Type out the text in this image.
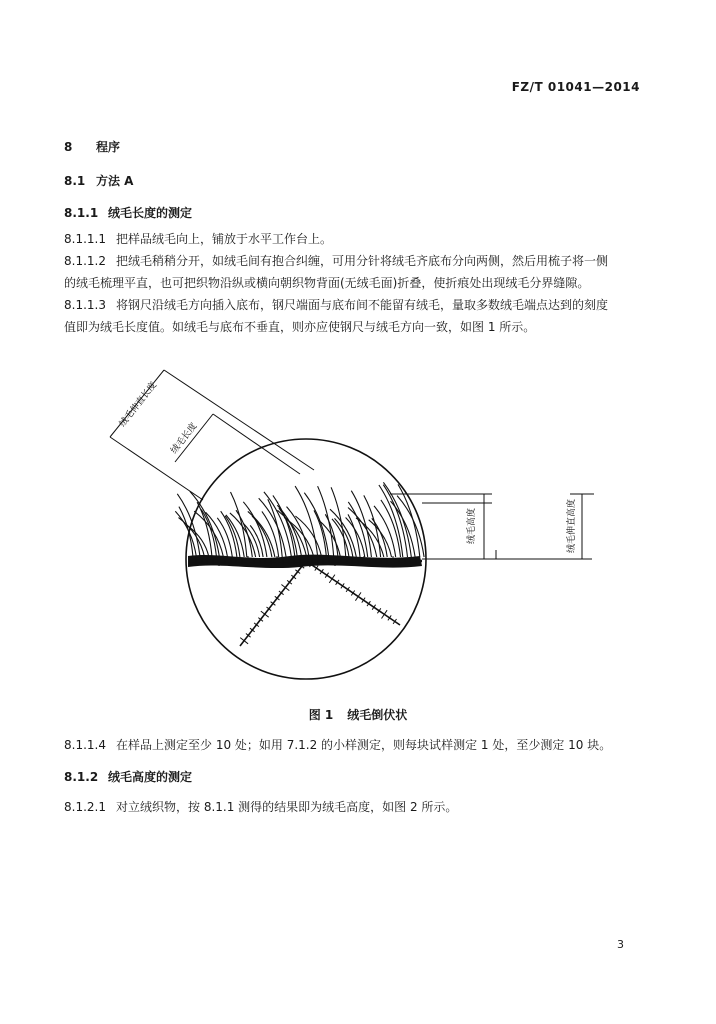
FZ/T 01041—2014
8 程序
8.1 方法 A
8.1.1 绒毛长度的测定
8.1.1.1 把样品绒毛向上，铺放于水平工作台上。
8.1.1.2 把绒毛稍稍分开，如绒毛间有抱合纠缠，可用分针将绒毛齐底布分向两侧，然后用梳子将一侧
的绒毛梳理平直，也可把织物沿纵或横向朝织物背面(无绒毛面)折叠，使折痕处出现绒毛分界缝隙。
8.1.1.3 将钢尺沿绒毛方向插入底布，钢尺端面与底布间不能留有绒毛，量取多数绒毛端点达到的刻度
值即为绒毛长度值。如绒毛与底布不垂直，则亦应使钢尺与绒毛方向一致，如图 1 所示。
绒毛伸直长度
绒毛长度
绒毛高度	绒毛伸直高度
图 1 绒毛倒伏状
8.1.1.4 在样品上测定至少 10 处；如用 7.1.2 的小样测定，则每块试样测定 1 处，至少测定 10 块。
8.1.2 绒毛高度的测定
8.1.2.1 对立绒织物，按 8.1.1 测得的结果即为绒毛高度，如图 2 所示。
3
